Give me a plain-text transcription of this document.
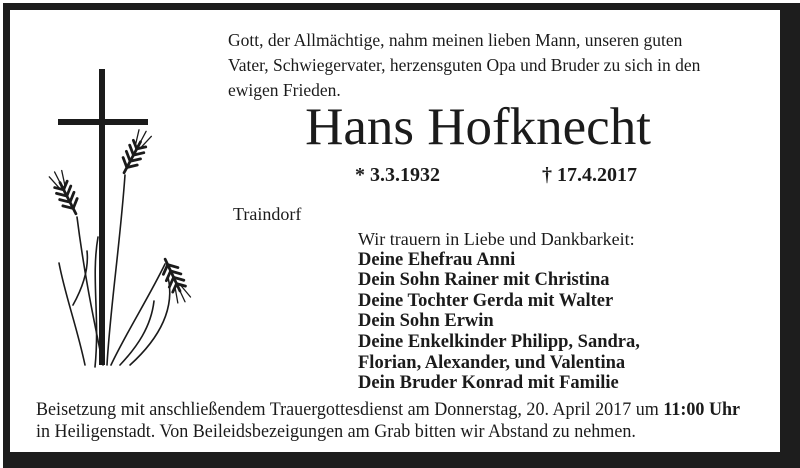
Gott, der Allmächtige, nahm meinen lieben Mann, unseren guten
Vater, Schwiegervater, herzensguten Opa und Bruder zu sich in den
ewigen Frieden.
Hans Hofknecht
* 3.3.1932	† 17.4.2017
Traindorf
Wir trauern in Liebe und Dankbarkeit:
Deine Ehefrau Anni
Dein Sohn Rainer mit Christina
Deine Tochter Gerda mit Walter
Dein Sohn Erwin
Deine Enkelkinder Philipp, Sandra,
Florian, Alexander, und Valentina
Dein Bruder Konrad mit Familie
Beisetzung mit anschließendem Trauergottesdienst am Donnerstag, 20. April 2017 um 11:00 Uhr
in Heiligenstadt. Von Beileidsbezeigungen am Grab bitten wir Abstand zu nehmen.
